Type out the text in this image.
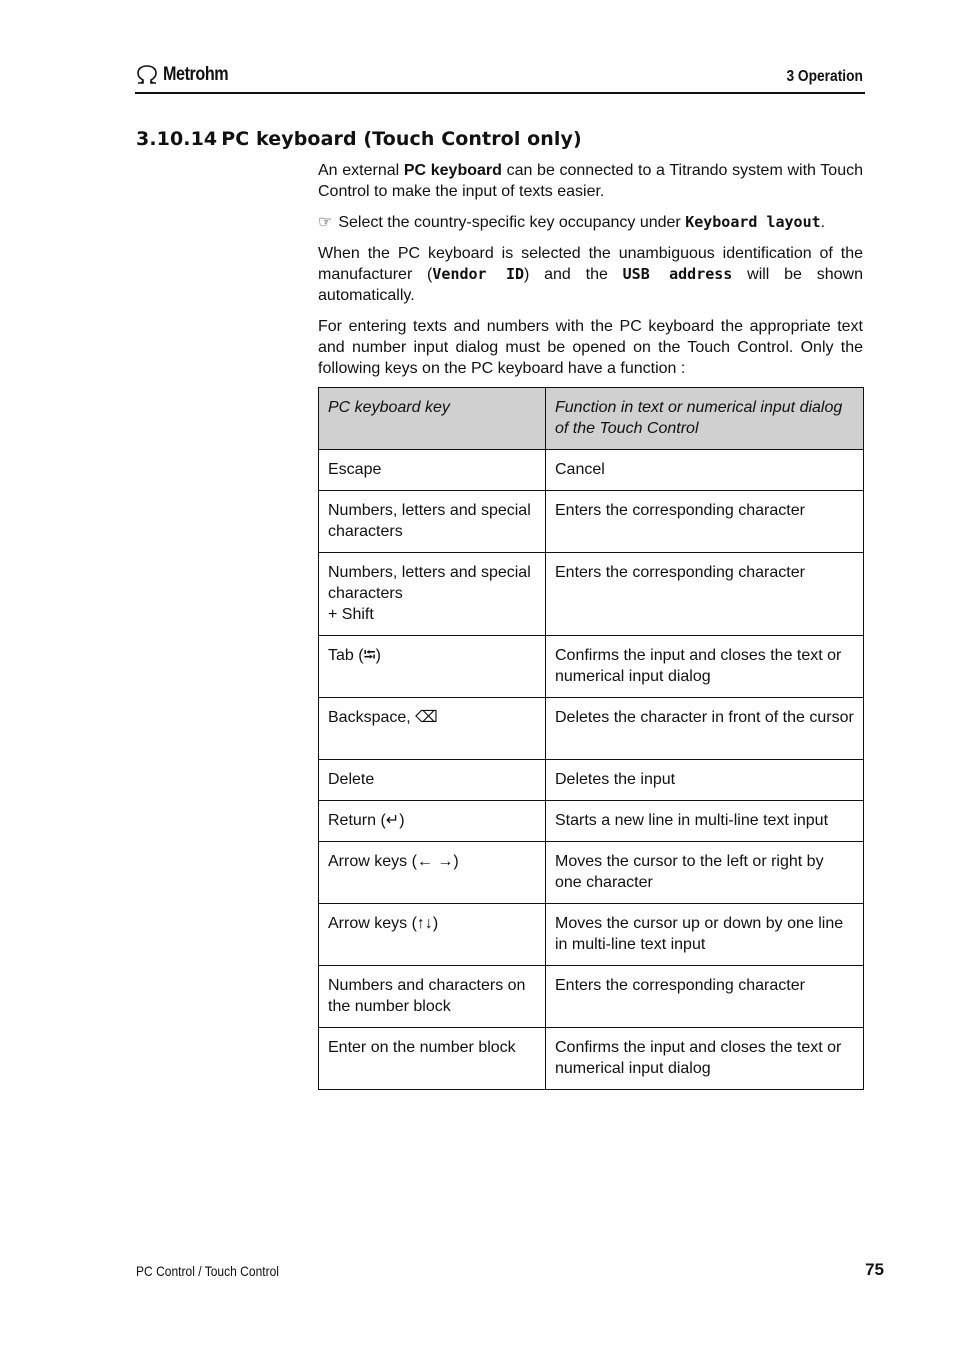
Metrohm	3 Operation
3.10.14 PC keyboard (Touch Control only)

An external PC keyboard can be connected to a Titrando system with Touch Control to make the input of texts easier.

☞ Select the country-specific key occupancy under Keyboard layout.

When the PC keyboard is selected the unambiguous identification of the manufacturer (Vendor ID) and the USB address will be shown automatically.

For entering texts and numbers with the PC keyboard the appropriate text and number input dialog must be opened on the Touch Control. Only the following keys on the PC keyboard have a function :

PC keyboard key	Function in text or numerical input dialog of the Touch Control
Escape	Cancel
Numbers, letters and special characters	Enters the corresponding character
Numbers, letters and special characters
+ Shift	Enters the corresponding character
Tab (⭾)	Confirms the input and closes the text or numerical input dialog
Backspace, ⌫	Deletes the character in front of the cursor
Delete	Deletes the input
Return (↵)	Starts a new line in multi-line text input
Arrow keys (← →)	Moves the cursor to the left or right by one character
Arrow keys (↑↓)	Moves the cursor up or down by one line in multi-line text input
Numbers and characters on the number block	Enters the corresponding character
Enter on the number block	Confirms the input and closes the text or numerical input dialog
PC Control / Touch Control	75
